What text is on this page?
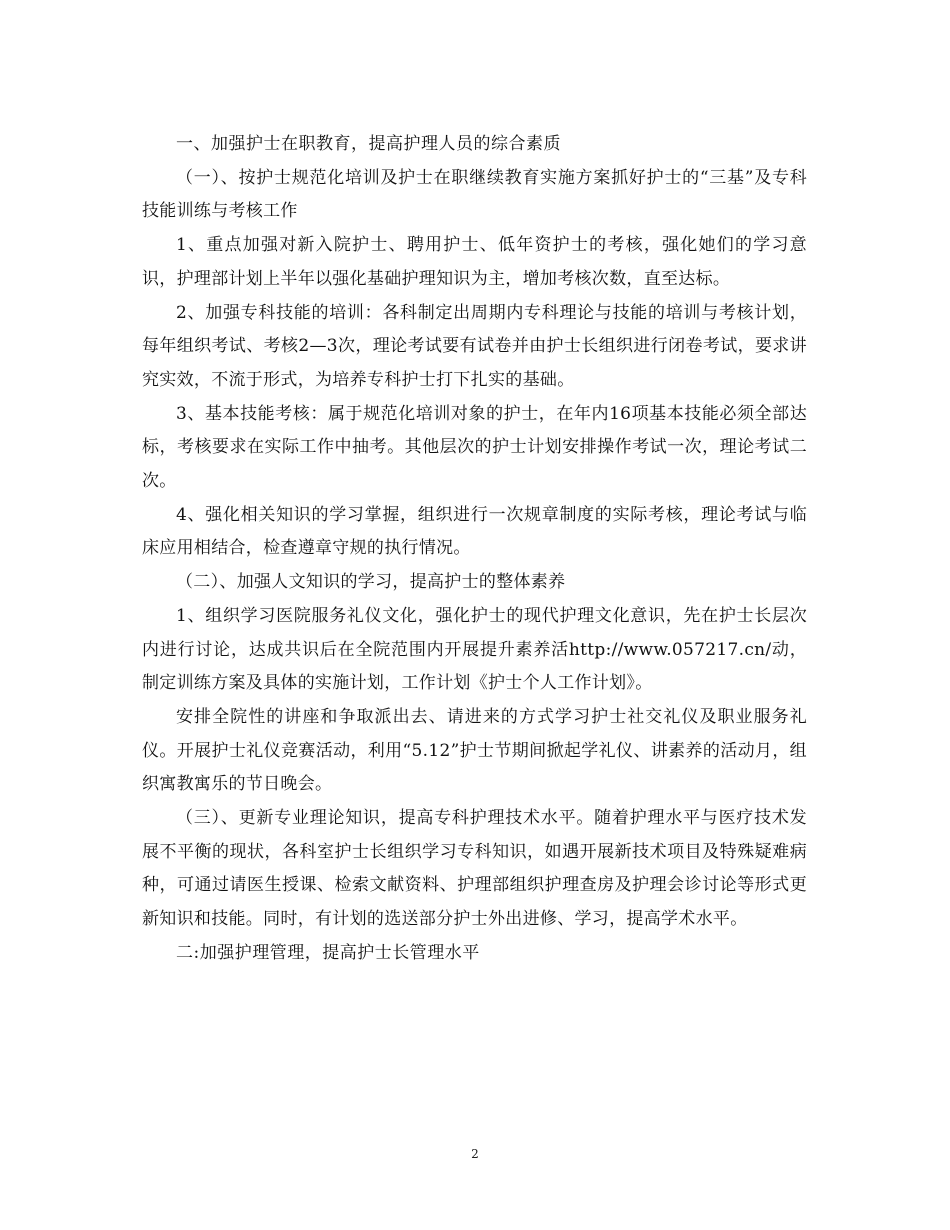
一、加强护士在职教育，提高护理人员的综合素质

（一）、按护士规范化培训及护士在职继续教育实施方案抓好护士的“三基”及专科技能训练与考核工作

1、重点加强对新入院护士、聘用护士、低年资护士的考核，强化她们的学习意识，护理部计划上半年以强化基础护理知识为主，增加考核次数，直至达标。

2、加强专科技能的培训：各科制定出周期内专科理论与技能的培训与考核计划，每年组织考试、考核2—3次，理论考试要有试卷并由护士长组织进行闭卷考试，要求讲究实效，不流于形式，为培养专科护士打下扎实的基础。

3、基本技能考核：属于规范化培训对象的护士，在年内16项基本技能必须全部达标，考核要求在实际工作中抽考。其他层次的护士计划安排操作考试一次，理论考试二次。

4、强化相关知识的学习掌握，组织进行一次规章制度的实际考核，理论考试与临床应用相结合，检查遵章守规的执行情况。

（二）、加强人文知识的学习，提高护士的整体素养

1、组织学习医院服务礼仪文化，强化护士的现代护理文化意识，先在护士长层次内进行讨论，达成共识后在全院范围内开展提升素养活http://www.057217.cn/动，制定训练方案及具体的实施计划，工作计划《护士个人工作计划》。

安排全院性的讲座和争取派出去、请进来的方式学习护士社交礼仪及职业服务礼仪。开展护士礼仪竞赛活动，利用“5.12”护士节期间掀起学礼仪、讲素养的活动月，组织寓教寓乐的节日晚会。

（三）、更新专业理论知识，提高专科护理技术水平。随着护理水平与医疗技术发展不平衡的现状，各科室护士长组织学习专科知识，如遇开展新技术项目及特殊疑难病种，可通过请医生授课、检索文献资料、护理部组织护理查房及护理会诊讨论等形式更新知识和技能。同时，有计划的选送部分护士外出进修、学习，提高学术水平。

二:加强护理管理，提高护士长管理水平

2
